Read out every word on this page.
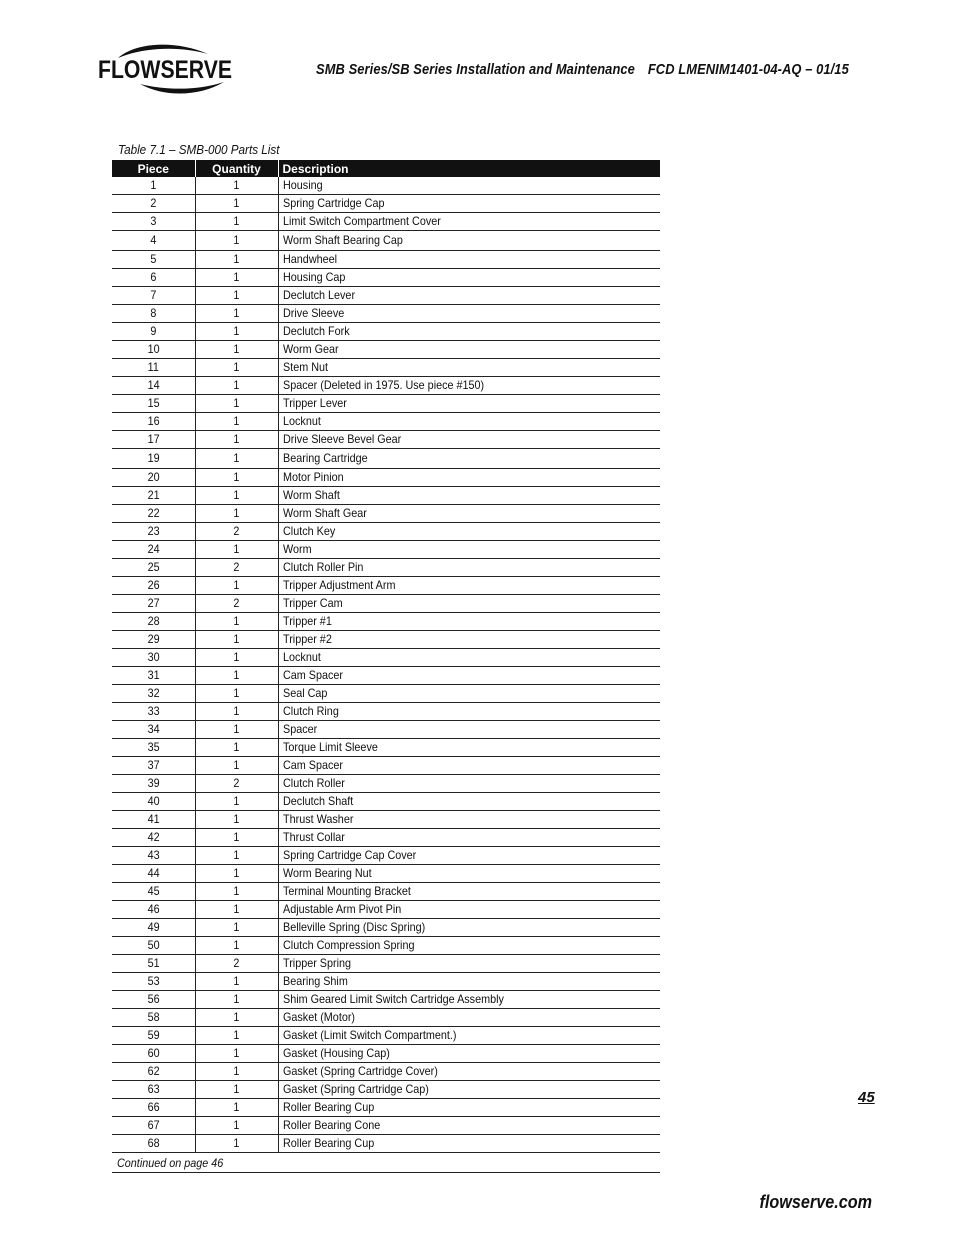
FLOWSERVE	SMB Series/SB Series Installation and Maintenance FCD LMENIM1401-04-AQ – 01/15
Table 7.1 – SMB-000 Parts List
Piece	Quantity	Description
1	1	Housing
2	1	Spring Cartridge Cap
3	1	Limit Switch Compartment Cover
4	1	Worm Shaft Bearing Cap
5	1	Handwheel
6	1	Housing Cap
7	1	Declutch Lever
8	1	Drive Sleeve
9	1	Declutch Fork
10	1	Worm Gear
11	1	Stem Nut
14	1	Spacer (Deleted in 1975. Use piece #150)
15	1	Tripper Lever
16	1	Locknut
17	1	Drive Sleeve Bevel Gear
19	1	Bearing Cartridge
20	1	Motor Pinion
21	1	Worm Shaft
22	1	Worm Shaft Gear
23	2	Clutch Key
24	1	Worm
25	2	Clutch Roller Pin
26	1	Tripper Adjustment Arm
27	2	Tripper Cam
28	1	Tripper #1
29	1	Tripper #2
30	1	Locknut
31	1	Cam Spacer
32	1	Seal Cap
33	1	Clutch Ring
34	1	Spacer
35	1	Torque Limit Sleeve
37	1	Cam Spacer
39	2	Clutch Roller
40	1	Declutch Shaft
41	1	Thrust Washer
42	1	Thrust Collar
43	1	Spring Cartridge Cap Cover
44	1	Worm Bearing Nut
45	1	Terminal Mounting Bracket
46	1	Adjustable Arm Pivot Pin
49	1	Belleville Spring (Disc Spring)
50	1	Clutch Compression Spring
51	2	Tripper Spring
53	1	Bearing Shim
56	1	Shim Geared Limit Switch Cartridge Assembly
58	1	Gasket (Motor)
59	1	Gasket (Limit Switch Compartment.)
60	1	Gasket (Housing Cap)
62	1	Gasket (Spring Cartridge Cover)
63	1	Gasket (Spring Cartridge Cap)
66	1	Roller Bearing Cup
67	1	Roller Bearing Cone
68	1	Roller Bearing Cup
Continued on page 46
45
flowserve.com
